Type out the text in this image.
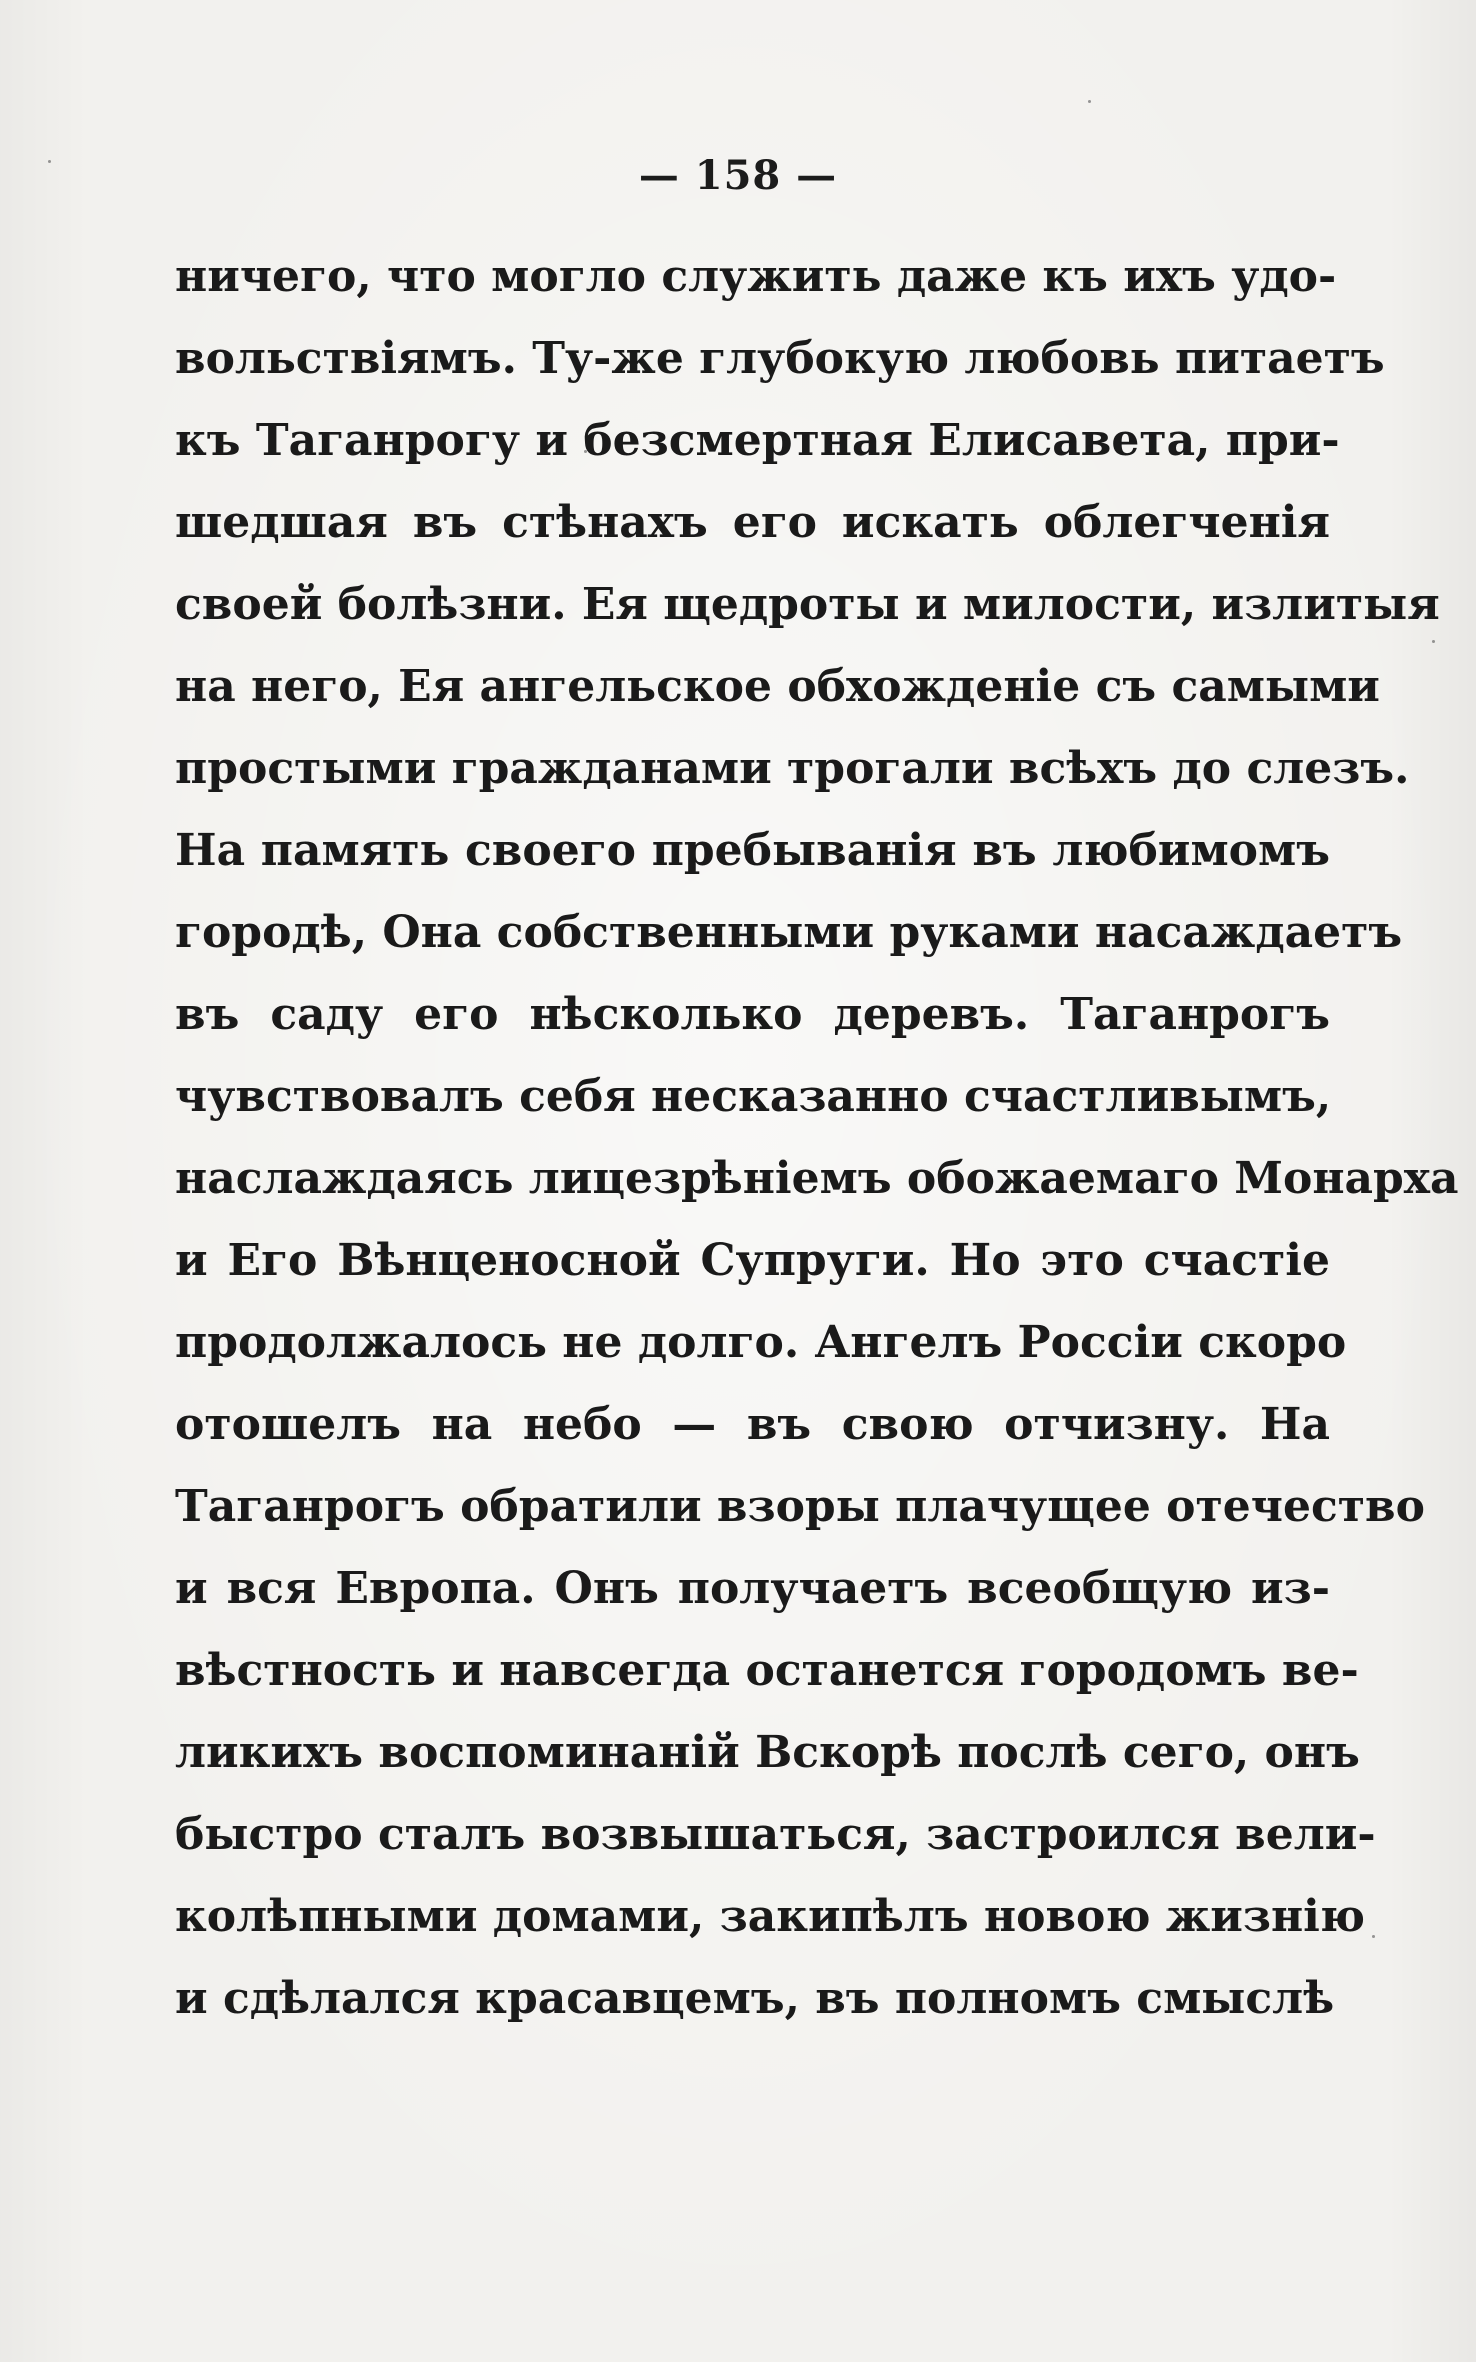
— 158 —
ничего, что могло служить даже къ ихъ удо-
вольствіямъ. Ту-же глубокую любовь питаетъ
къ Таганрогу и безсмертная Елисавета, при-
шедшая въ стѣнахъ его искать облегченія
своей болѣзни. Ея щедроты и милости, излитыя
на него, Ея ангельское обхожденіе съ самыми
простыми гражданами трогали всѣхъ до слезъ.
На память своего пребыванія въ любимомъ
городѣ, Она собственными руками насаждаетъ
въ саду его нѣсколько деревъ. Таганрогъ
чувствовалъ себя несказанно счастливымъ,
наслаждаясь лицезрѣніемъ обожаемаго Монарха
и Его Вѣнценосной Супруги. Но это счастіе
продолжалось не долго. Ангелъ Россіи скоро
отошелъ на небо — въ свою отчизну. На
Таганрогъ обратили взоры плачущее отечество
и вся Европа. Онъ получаетъ всеобщую из-
вѣстность и навсегда останется городомъ ве-
ликихъ воспоминаній Вскорѣ послѣ сего, онъ
быстро сталъ возвышаться, застроился вели-
колѣпными домами, закипѣлъ новою жизнію
и сдѣлался красавцемъ, въ полномъ смыслѣ
